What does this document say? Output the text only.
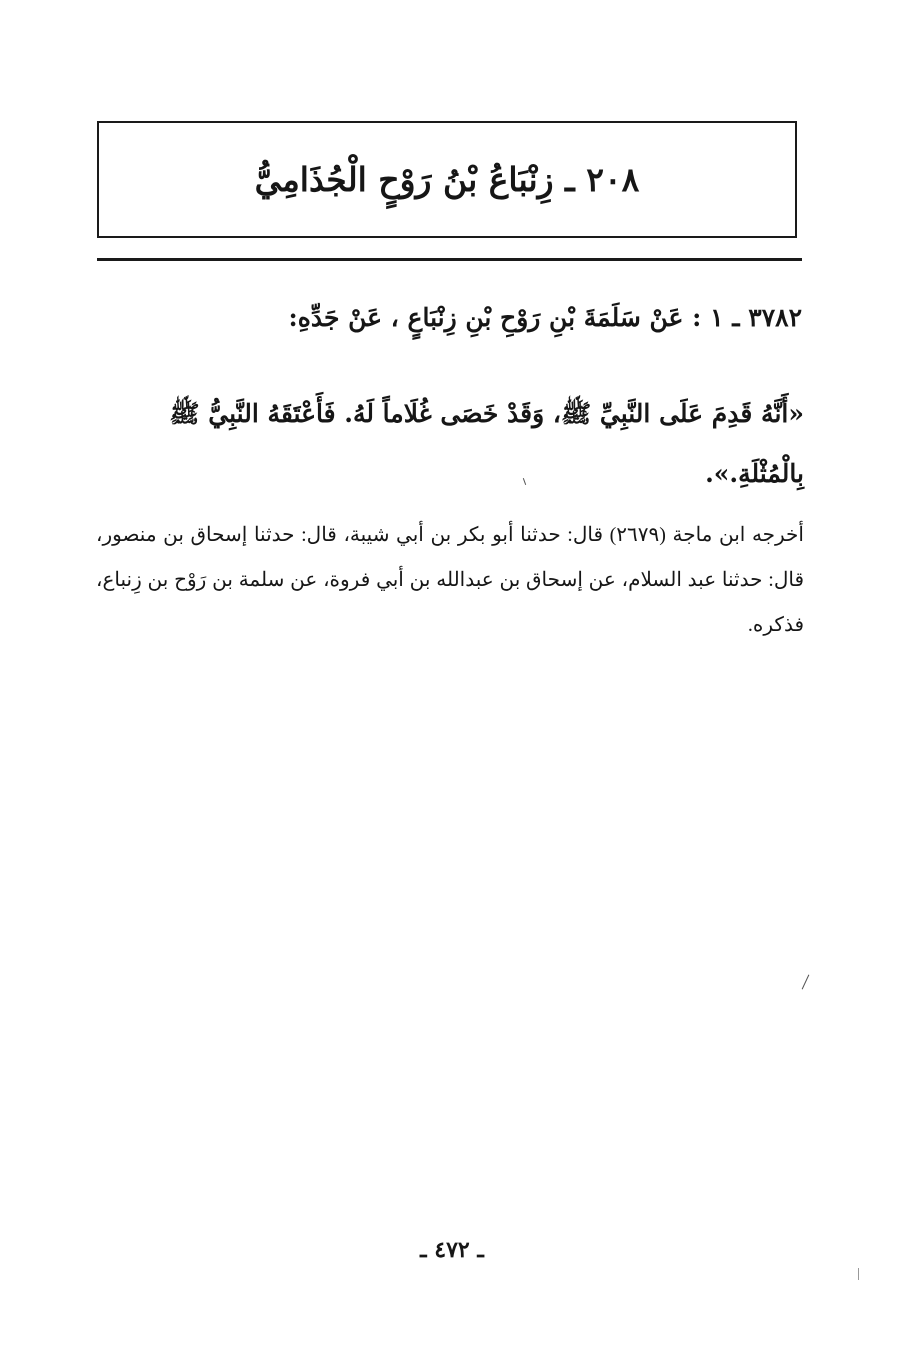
٢٠٨ ـ زِنْبَاعُ بْنُ رَوْحٍ الْجُذَامِيُّ
٣٧٨٢ ـ ١ : عَنْ سَلَمَةَ بْنِ رَوْحِ بْنِ زِنْبَاعٍ ، عَنْ جَدِّهِ:
«أَنَّهُ قَدِمَ عَلَى النَّبِيِّ ﷺ، وَقَدْ خَصَى غُلَاماً لَهُ. فَأَعْتَقَهُ النَّبِيُّ ﷺ بِالْمُثْلَةِ.».
أخرجه ابن ماجة (٢٦٧٩) قال: حدثنا أبو بكر بن أبي شيبة، قال: حدثنا إسحاق بن منصور، قال: حدثنا عبد السلام، عن إسحاق بن عبدالله بن أبي فروة، عن سلمة بن رَوْح بن زِنباع، فذكره.
ـ ٤٧٢ ـ
